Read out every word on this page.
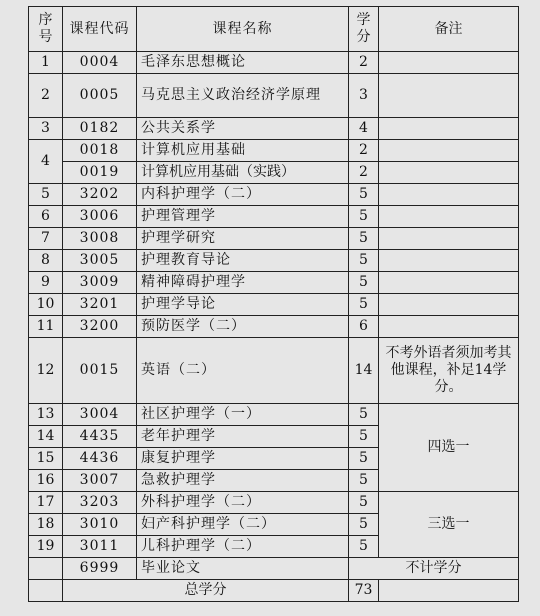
序号	课程代码	课程名称	学分	备注
1	0004	毛泽东思想概论	2	
2	0005	马克思主义政治经济学原理	3	
3	0182	公共关系学	4	
4	0018	计算机应用基础	2	
	0019	计算机应用基础（实践）	2	
5	3202	内科护理学（二）	5	
6	3006	护理管理学	5	
7	3008	护理学研究	5	
8	3005	护理教育导论	5	
9	3009	精神障碍护理学	5	
10	3201	护理学导论	5	
11	3200	预防医学（二）	6	
12	0015	英语（二）	14	不考外语者须加考其他课程，补足14学分。
13	3004	社区护理学（一）	5	四选一
14	4435	老年护理学	5	
15	4436	康复护理学	5	
16	3007	急救护理学	5	
17	3203	外科护理学（二）	5	三选一
18	3010	妇产科护理学（二）	5	
19	3011	儿科护理学（二）	5	
	6999	毕业论文	不计学分	
	总学分		73	
